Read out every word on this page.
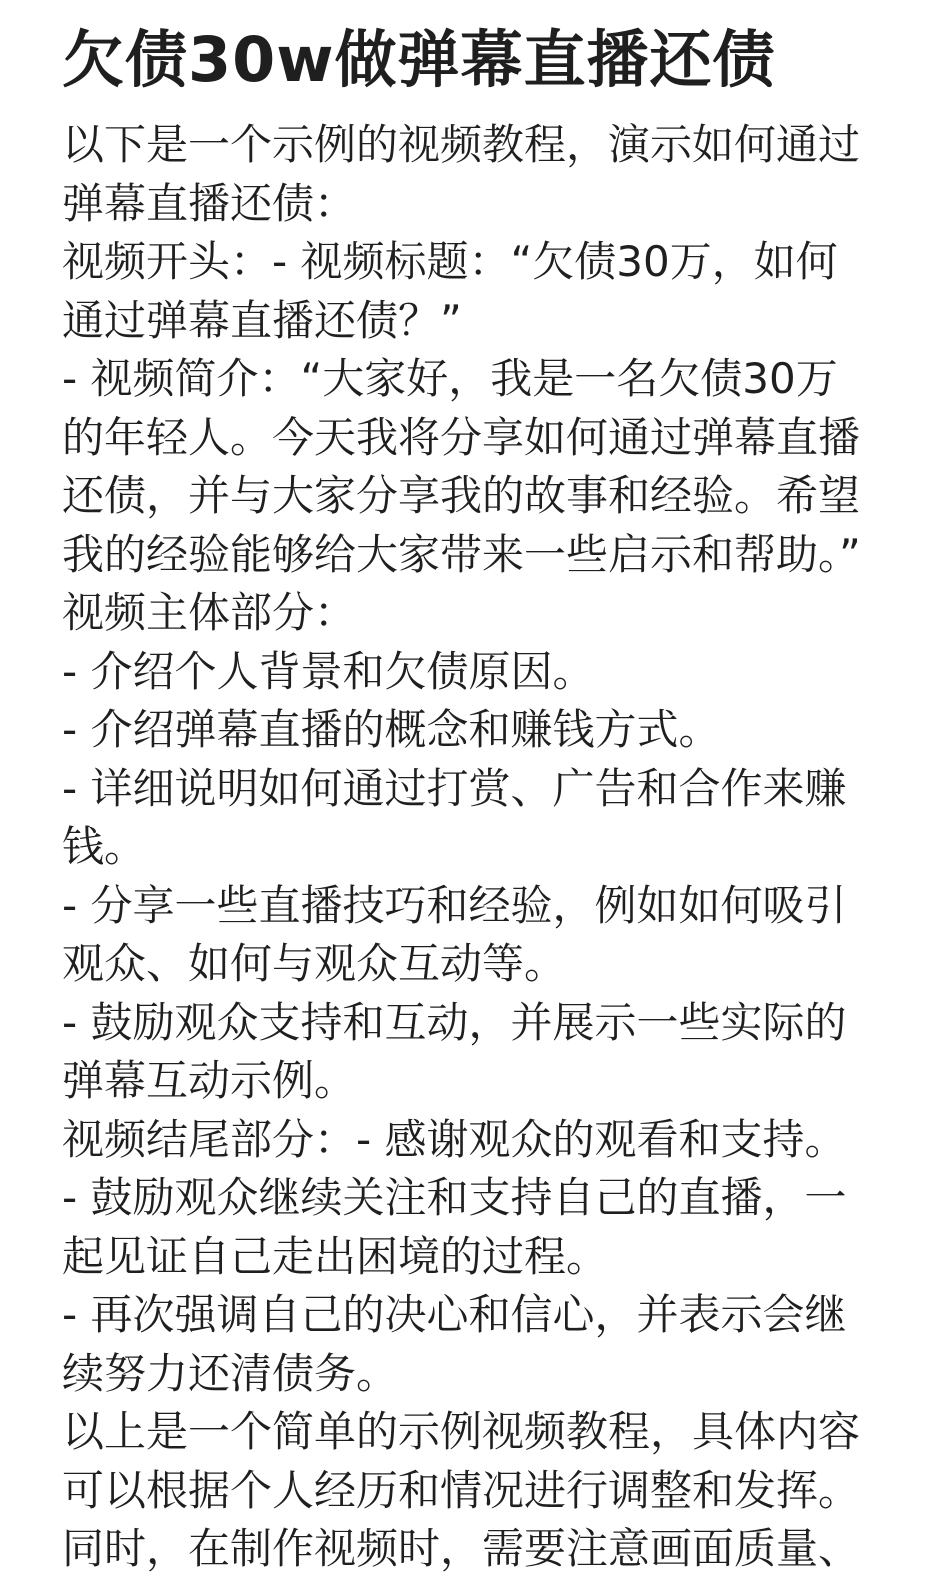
欠债30w做弹幕直播还债
以下是一个示例的视频教程，演示如何通过
弹幕直播还债：
视频开头：- 视频标题：“欠债30万，如何
通过弹幕直播还债？”
- 视频简介：“大家好，我是一名欠债30万
的年轻人。今天我将分享如何通过弹幕直播
还债，并与大家分享我的故事和经验。希望
我的经验能够给大家带来一些启示和帮助。”
视频主体部分：
- 介绍个人背景和欠债原因。
- 介绍弹幕直播的概念和赚钱方式。
- 详细说明如何通过打赏、广告和合作来赚
钱。
- 分享一些直播技巧和经验，例如如何吸引
观众、如何与观众互动等。
- 鼓励观众支持和互动，并展示一些实际的
弹幕互动示例。
视频结尾部分：- 感谢观众的观看和支持。
- 鼓励观众继续关注和支持自己的直播，一
起见证自己走出困境的过程。
- 再次强调自己的决心和信心，并表示会继
续努力还清债务。
以上是一个简单的示例视频教程，具体内容
可以根据个人经历和情况进行调整和发挥。
同时，在制作视频时，需要注意画面质量、
